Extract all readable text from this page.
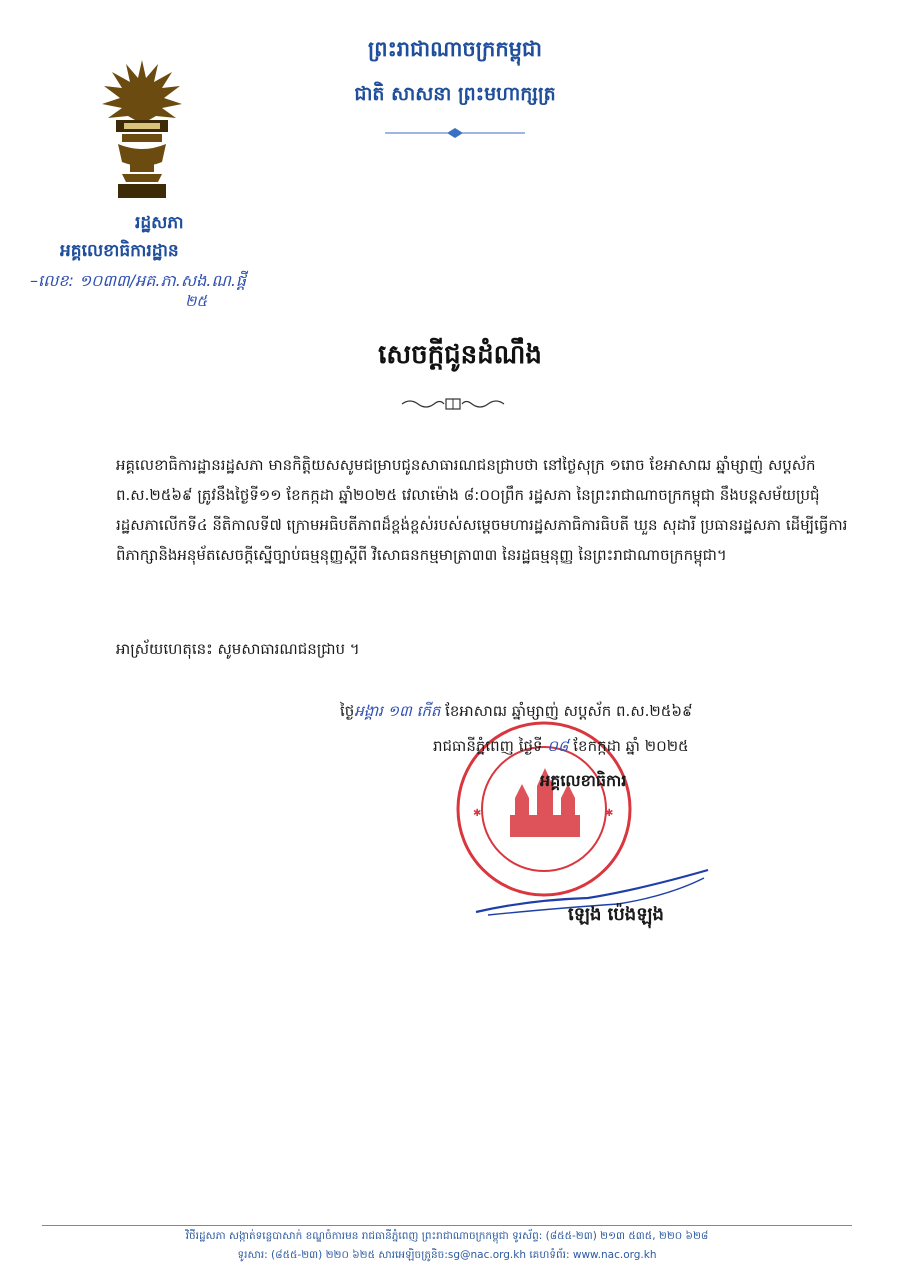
រដ្ឋសភា
អគ្គលេខាធិការដ្ឋាន
–លេខ: ១០៣៣/អគ.ភា.សង.ណ.ផ្តី
២៥
ព្រះរាជាណាចក្រកម្ពុជា
ជាតិ សាសនា ព្រះមហាក្សត្រ
សេចក្តីជូនដំណឹង
អគ្គលេខាធិការដ្ឋានរដ្ឋសភា មានកិត្តិយសសូមជម្រាបជូនសាធារណជនជ្រាបថា នៅថ្ងៃសុក្រ ១រោច ខែអាសាឍ ឆ្នាំម្សាញ់ សប្តស័ក ព.ស.២៥៦៩ ត្រូវនឹងថ្ងៃទី១១ ខែកក្កដា ឆ្នាំ២០២៥ វេលាម៉ោង ៨:០០ព្រឹក រដ្ឋសភា នៃព្រះរាជាណាចក្រកម្ពុជា នឹងបន្តសម័យប្រជុំរដ្ឋសភាលើកទី៤ នីតិកាលទី៧ ក្រោមអធិបតីភាពដ៏ខ្ពង់ខ្ពស់របស់សម្តេចមហារដ្ឋសភាធិការធិបតី ឃួន សុដារី ប្រធានរដ្ឋសភា ដើម្បីធ្វើការពិភាក្សានិងអនុម័តសេចក្តីស្នើច្បាប់ធម្មនុញ្ញស្តីពី វិសោធនកម្មមាត្រា៣៣ នៃរដ្ឋធម្មនុញ្ញ នៃព្រះរាជាណាចក្រកម្ពុជា។
អាស្រ័យហេតុនេះ សូមសាធារណជនជ្រាប ។
✱	✱
ថ្ងៃអង្គារ ១៣ កើត ខែអាសាឍ ឆ្នាំម្សាញ់ សប្តស័ក ព.ស.២៥៦៩
រាជធានីភ្នំពេញ ថ្ងៃទី ០៨ ខែកក្កដា ឆ្នាំ ២០២៥
អគ្គលេខាធិការ
ឡេង ប៉េងឡុង
វិថីរដ្ឋសភា សង្កាត់ទន្លេបាសាក់ ខណ្ឌចំការមន រាជធានីភ្នំពេញ ព្រះរាជាណាចក្រកម្ពុជា ទូរស័ព្ទ: (៨៥៥-២៣) ២១៣ ៥៣៥, ២២០ ៦២៨
ទូរសារ: (៨៥៥-២៣) ២២០ ៦២៥ សារអេឡិចត្រូនិច:sg@nac.org.kh គេហទំព័រ: www.nac.org.kh
